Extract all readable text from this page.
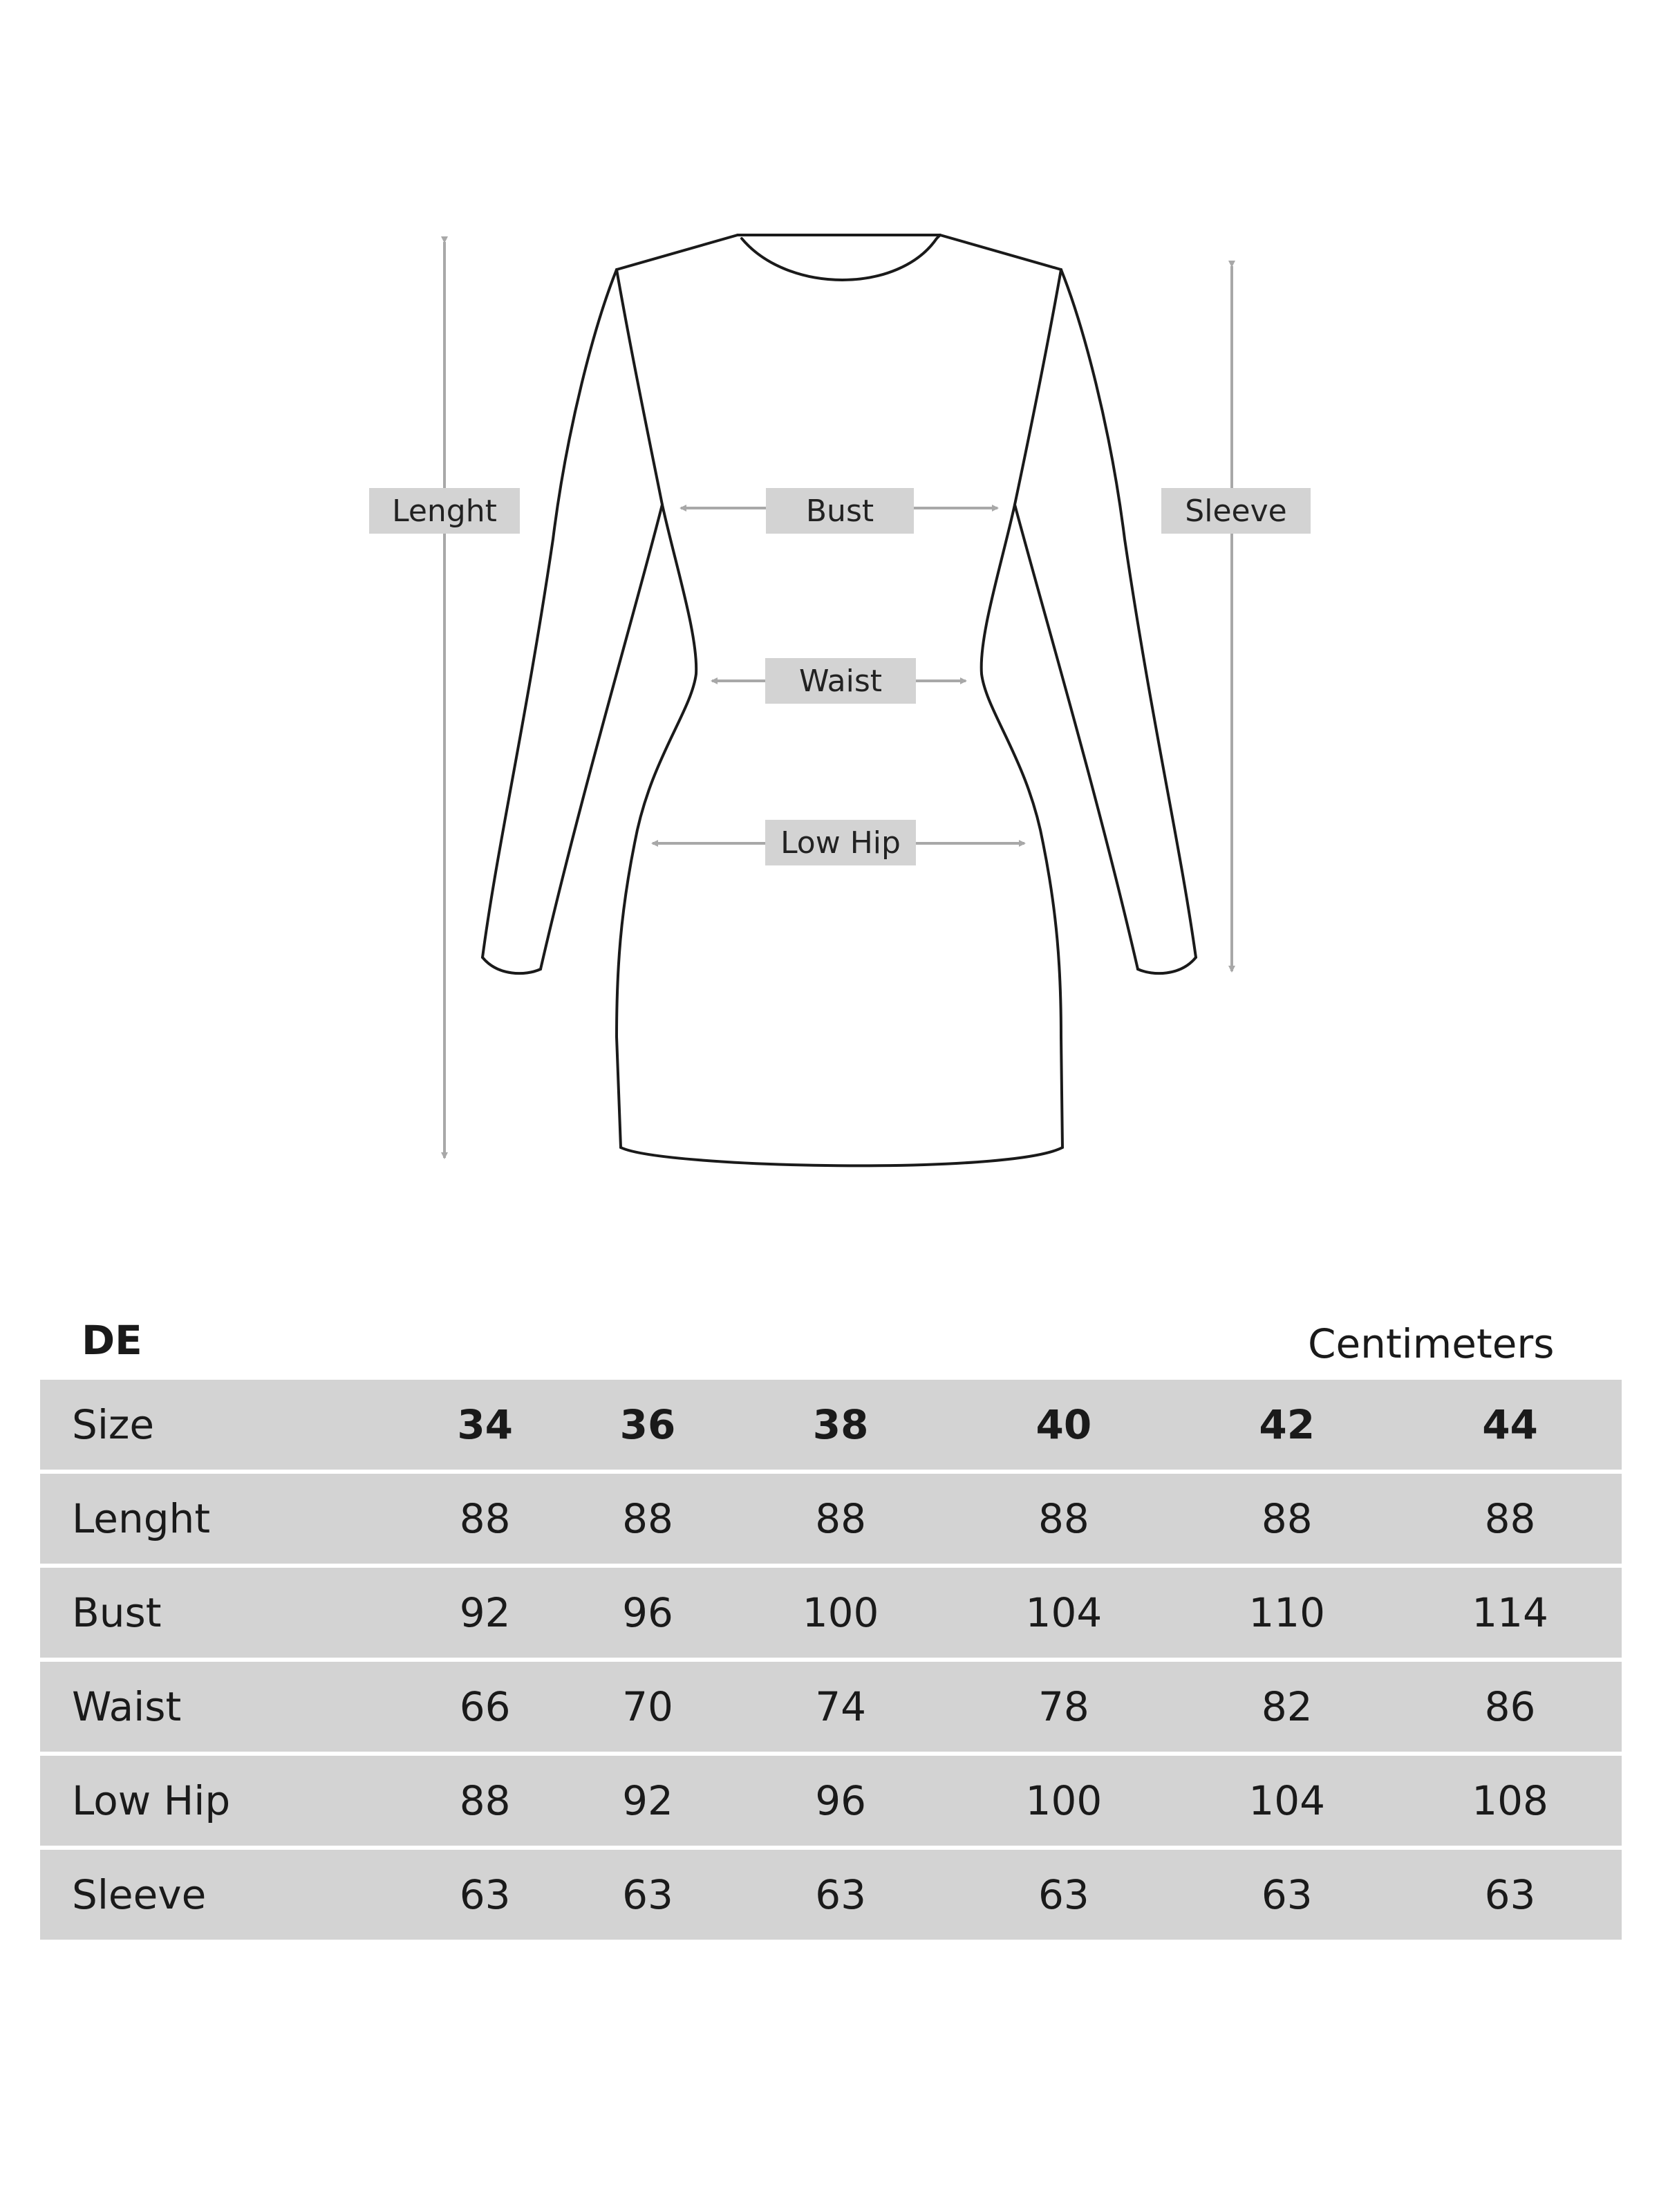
Lenght	Bust	Sleeve
Waist
Low Hip
DE	Centimeters
Size	34	36	38	40	42	44
Lenght	88	88	88	88	88	88
Bust	92	96	100	104	110	114
Waist	66	70	74	78	82	86
Low Hip	88	92	96	100	104	108
Sleeve	63	63	63	63	63	63
